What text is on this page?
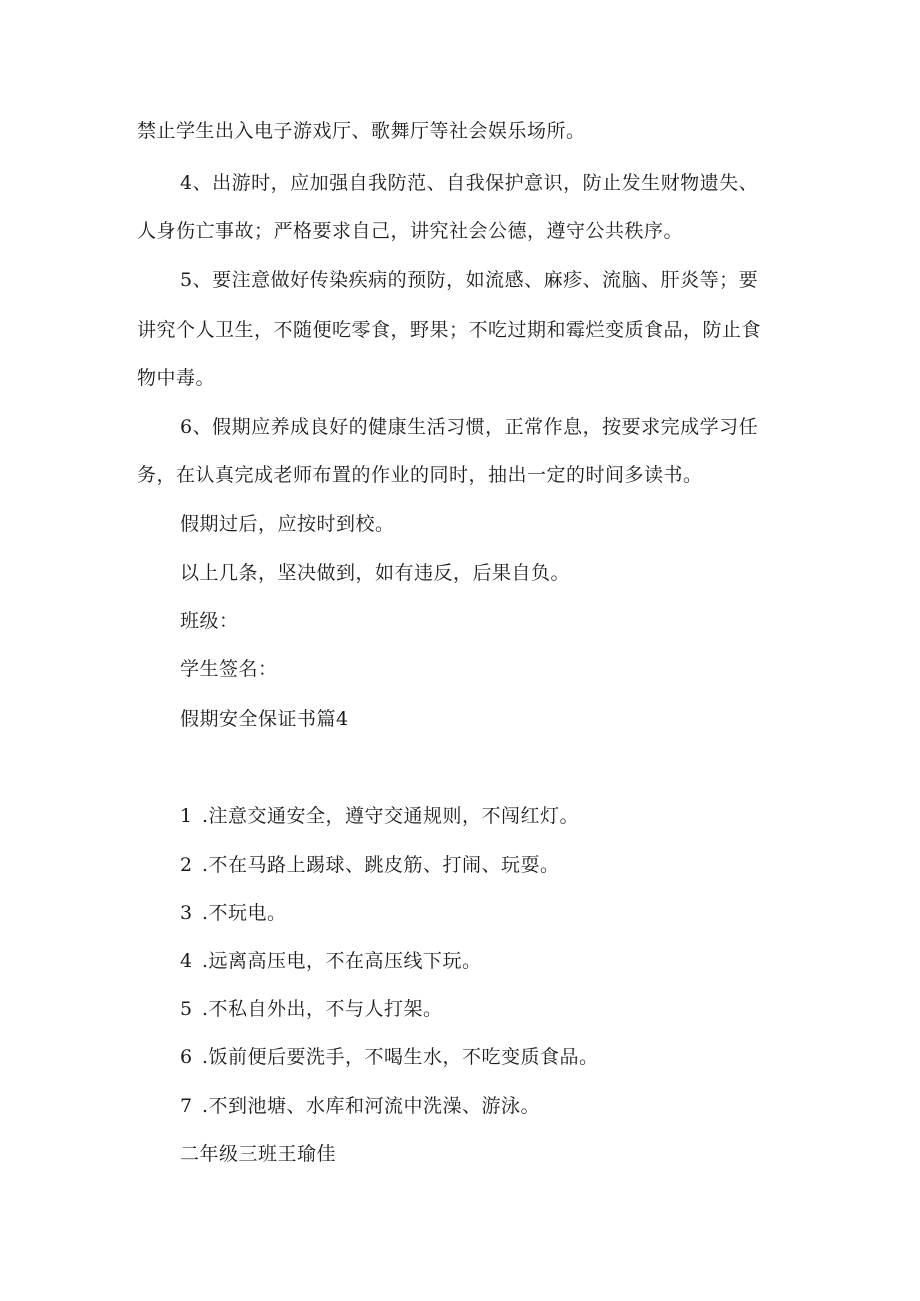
禁止学生出入电子游戏厅、歌舞厅等社会娱乐场所。
4、出游时，应加强自我防范、自我保护意识，防止发生财物遗失、
人身伤亡事故；严格要求自己，讲究社会公德，遵守公共秩序。
5、要注意做好传染疾病的预防，如流感、麻疹、流脑、肝炎等；要
讲究个人卫生，不随便吃零食，野果；不吃过期和霉烂变质食品，防止食
物中毒。
6、假期应养成良好的健康生活习惯，正常作息，按要求完成学习任
务，在认真完成老师布置的作业的同时，抽出一定的时间多读书。
假期过后，应按时到校。
以上几条，坚决做到，如有违反，后果自负。
班级：
学生签名：
假期安全保证书篇4
1 .注意交通安全，遵守交通规则，不闯红灯。
2 .不在马路上踢球、跳皮筋、打闹、玩耍。
3 .不玩电。
4 .远离高压电，不在高压线下玩。
5 .不私自外出，不与人打架。
6 .饭前便后要洗手，不喝生水，不吃变质食品。
7 .不到池塘、水库和河流中洗澡、游泳。
二年级三班王瑜佳
